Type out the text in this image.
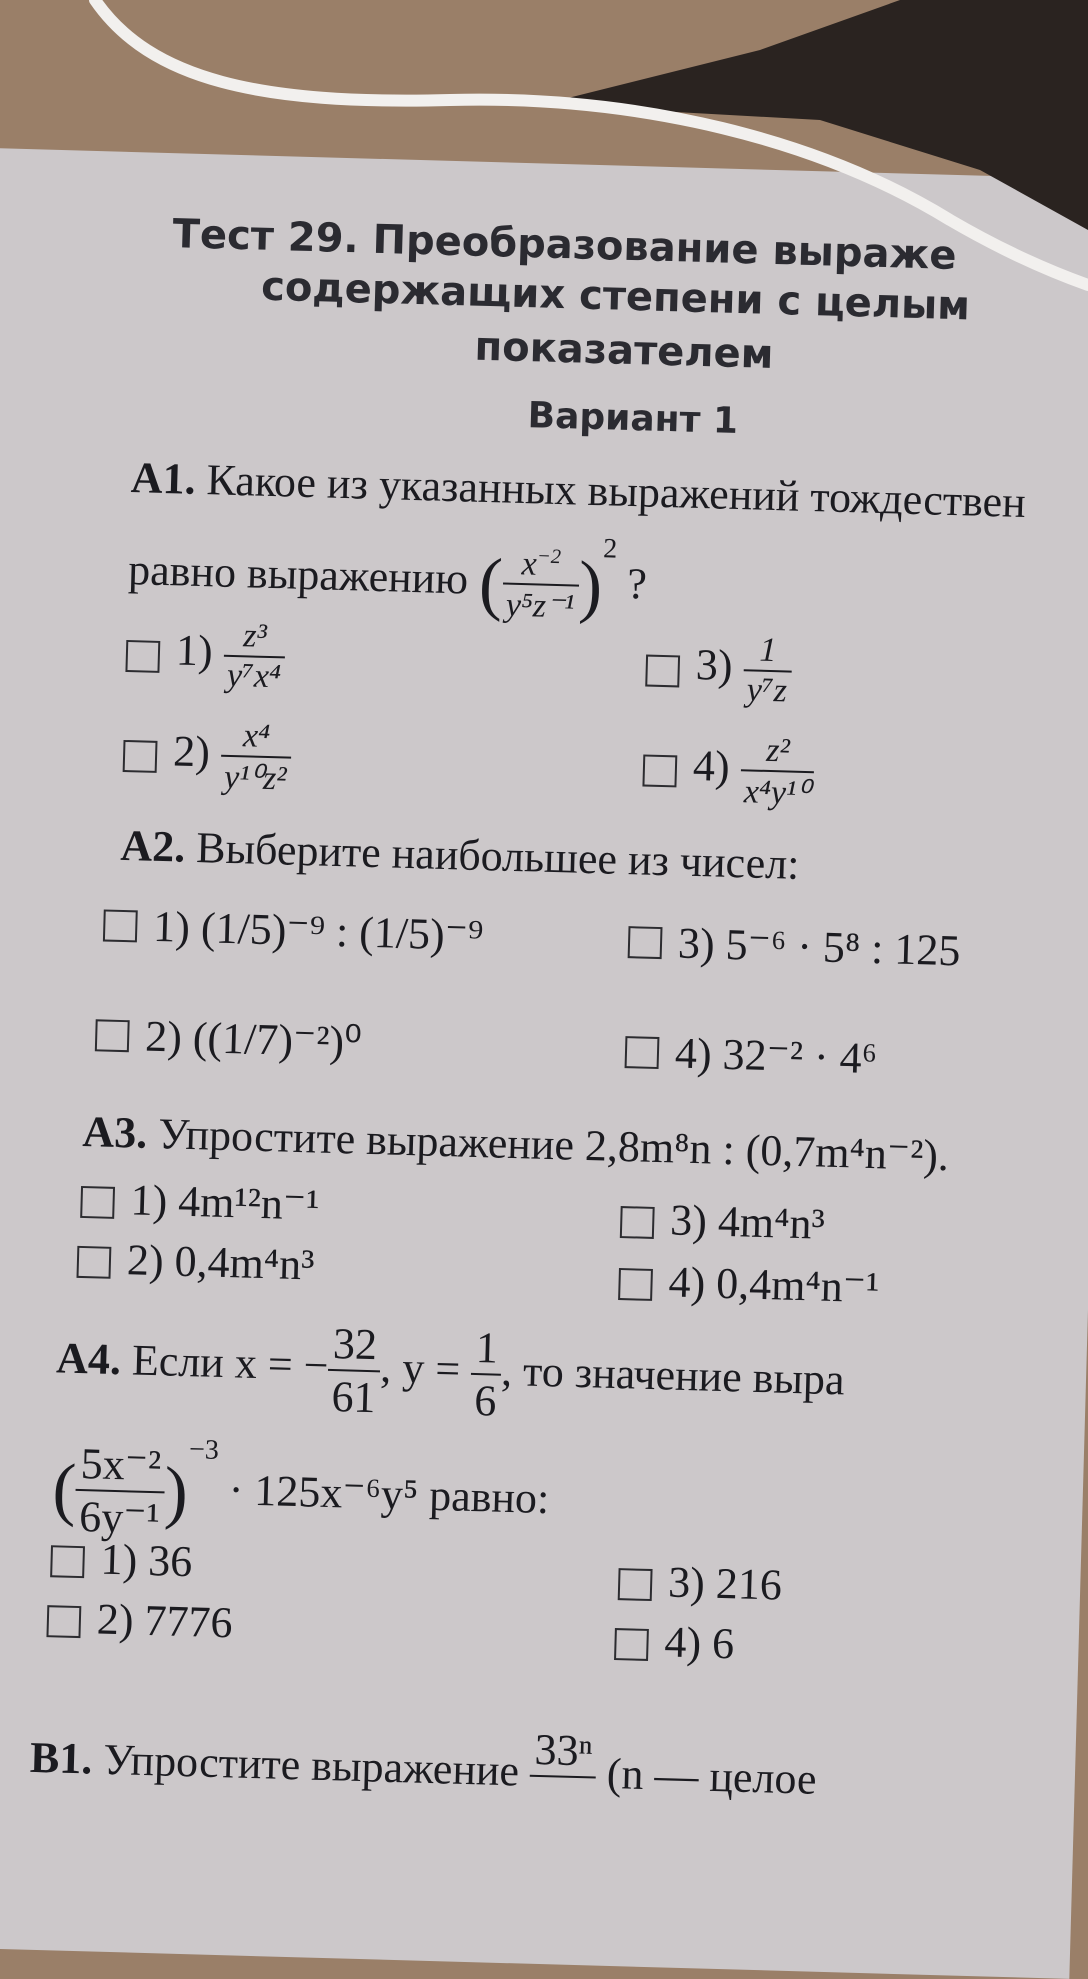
Тест 29. Преобразование выраже
содержащих степени с целым
показателем
Вариант 1
А1. Какое из указанных выражений тождествен
равно выражению (
$\frac{x^{-2}}{\text{y⁵z⁻¹}}$
)$^2$ ?
$1) \frac{\text{z³}}{\text{y⁷x⁴}}$
$2) \frac{\text{x⁴}}{\text{y¹⁰z²}}$
$3) \frac{1}{\text{y⁷z}}$
$4) \frac{\text{z²}}{\text{x⁴y¹⁰}}$
А2. Выберите наибольшее из чисел:
1) (1/5)⁻⁹ : (1/5)⁻⁹
2) ((1/7)⁻²)⁰
3) 5⁻⁶ · 5⁸ : 125
4) 32⁻² · 4⁶
А3. Упростите выражение 2,8m⁸n : (0,7m⁴n⁻²).
1) 4m¹²n⁻¹
2) 0,4m⁴n³
3) 4m⁴n³
4) 0,4m⁴n⁻¹
А4. Если x = −
$\frac{32}{61}$
, $y = \frac{1}{6}$
, то значение выра
(
$\frac{\text{5x⁻²}}{\text{6y⁻¹}}$
)$^{-3}$ · 125x⁻⁶y⁵ равно:
1) 36
2) 7776
3) 216
4) 6
В1. Упростите выражение 33ⁿ
(n — целое
